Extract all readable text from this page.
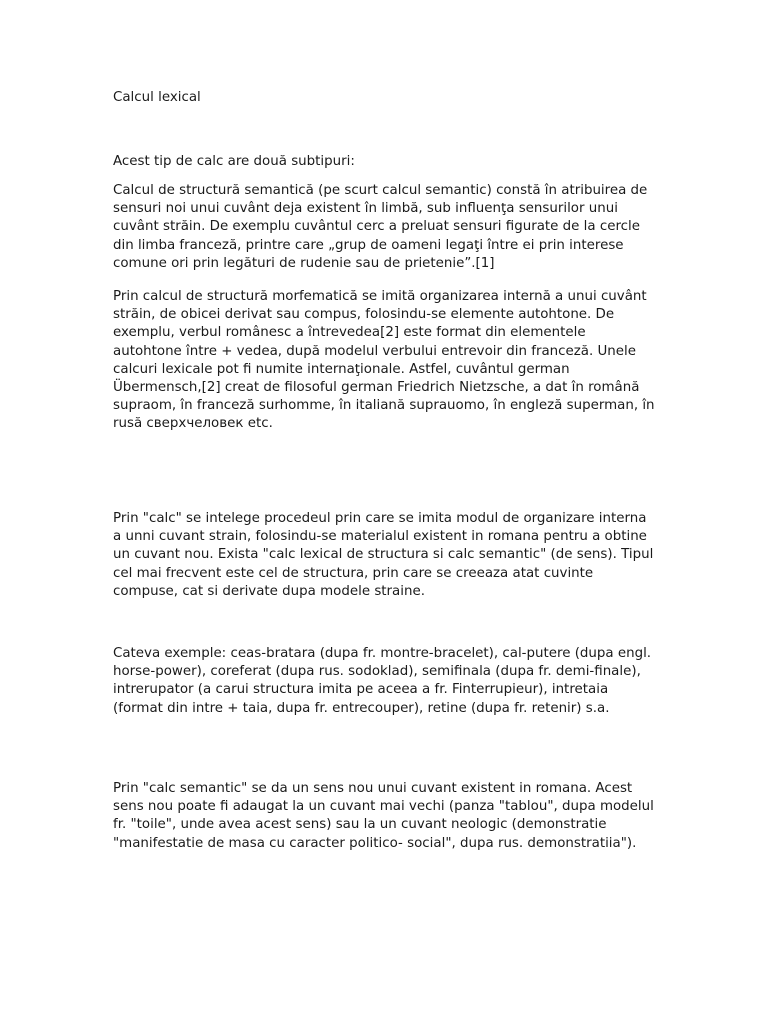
Calcul lexical

Acest tip de calc are două subtipuri:

Calcul de structură semantică (pe scurt calcul semantic) constă în atribuirea de sensuri noi unui cuvânt deja existent în limbă, sub influenţa sensurilor unui cuvânt străin. De exemplu cuvântul cerc a preluat sensuri figurate de la cercle din limba franceză, printre care „grup de oameni legaţi între ei prin interese comune ori prin legături de rudenie sau de prietenie”.[1]

Prin calcul de structură morfematică se imită organizarea internă a unui cuvânt străin, de obicei derivat sau compus, folosindu-se elemente autohtone. De exemplu, verbul românesc a întrevedea[2] este format din elementele autohtone între + vedea, după modelul verbului entrevoir din franceză. Unele calcuri lexicale pot fi numite internaţionale. Astfel, cuvântul german Übermensch,[2] creat de filosoful german Friedrich Nietzsche, a dat în română supraom, în franceză surhomme, în italiană suprauomo, în engleză superman, în rusă сверхчеловек etc.

Prin "calc" se intelege procedeul prin care se imita modul de organizare interna a unni cuvant strain, folosindu-se materialul existent in romana pentru a obtine un cuvant nou. Exista "calc lexical de structura si calc semantic" (de sens). Tipul cel mai frecvent este cel de structura, prin care se creeaza atat cuvinte compuse, cat si derivate dupa modele straine.

Cateva exemple: ceas-bratara (dupa fr. montre-bracelet), cal-putere (dupa engl. horse-power), coreferat (dupa rus. sodoklad), semifinala (dupa fr. demi-finale), intrerupator (a carui structura imita pe aceea a fr. Finterrupieur), intretaia (format din intre + taia, dupa fr. entrecouper), retine (dupa fr. retenir) s.a.

Prin "calc semantic" se da un sens nou unui cuvant existent in romana. Acest sens nou poate fi adaugat la un cuvant mai vechi (panza "tablou", dupa modelul fr. "toile", unde avea acest sens) sau la un cuvant neologic (demonstratie "manifestatie de masa cu caracter politico- social", dupa rus. demonstratiia").
